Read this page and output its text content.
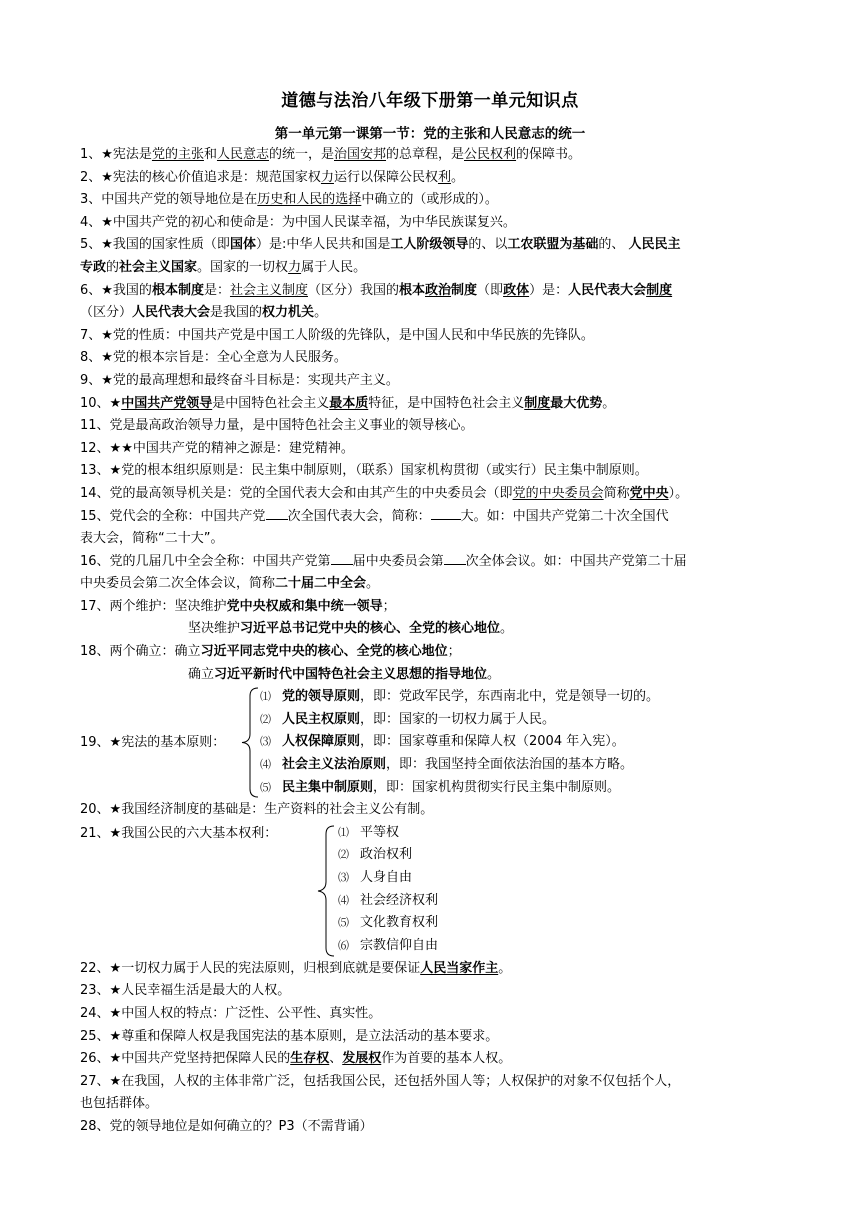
道德与法治八年级下册第一单元知识点
第一单元第一课第一节：党的主张和人民意志的统一
1、★宪法是党的主张和人民意志的统一，是治国安邦的总章程，是公民权利的保障书。
2、★宪法的核心价值追求是：规范国家权力运行以保障公民权利。
3、中国共产党的领导地位是在历史和人民的选择中确立的（或形成的）。
4、★中国共产党的初心和使命是：为中国人民谋幸福，为中华民族谋复兴。
5、★我国的国家性质（即国体）是:中华人民共和国是工人阶级领导的、以工农联盟为基础的、 人民民主
专政的社会主义国家。国家的一切权力属于人民。
6、★我国的根本制度是：社会主义制度（区分）我国的根本政治制度（即政体）是：人民代表大会制度
（区分）人民代表大会是我国的权力机关。
7、★党的性质：中国共产党是中国工人阶级的先锋队，是中国人民和中华民族的先锋队。
8、★党的根本宗旨是：全心全意为人民服务。
9、★党的最高理想和最终奋斗目标是：实现共产主义。
10、★中国共产党领导是中国特色社会主义最本质特征，是中国特色社会主义制度最大优势。
11、党是最高政治领导力量，是中国特色社会主义事业的领导核心。
12、★★中国共产党的精神之源是：建党精神。
13、★党的根本组织原则是：民主集中制原则，（联系）国家机构贯彻（或实行）民主集中制原则。
14、党的最高领导机关是：党的全国代表大会和由其产生的中央委员会（即党的中央委员会简称党中央）。
15、党代会的全称：中国共产党 次全国代表大会，简称： 大。如：中国共产党第二十次全国代
表大会，简称“二十大”。
16、党的几届几中全会全称：中国共产党第 届中央委员会第 次全体会议。如：中国共产党第二十届
中央委员会第二次全体会议，简称二十届二中全会。
17、两个维护：坚决维护党中央权威和集中统一领导；
坚决维护习近平总书记党中央的核心、全党的核心地位。
18、两个确立：确立习近平同志党中央的核心、全党的核心地位；
确立习近平新时代中国特色社会主义思想的指导地位。
19、★宪法的基本原则：
⑴ 党的领导原则，即：党政军民学，东西南北中，党是领导一切的。
⑵ 人民主权原则，即：国家的一切权力属于人民。
⑶ 人权保障原则，即：国家尊重和保障人权（2004 年入宪）。
⑷ 社会主义法治原则，即：我国坚持全面依法治国的基本方略。
⑸ 民主集中制原则，即：国家机构贯彻实行民主集中制原则。
20、★我国经济制度的基础是：生产资料的社会主义公有制。
21、★我国公民的六大基本权利：	⑴ 平等权
⑵ 政治权利
⑶ 人身自由
⑷ 社会经济权利
⑸ 文化教育权利
⑹ 宗教信仰自由
22、★一切权力属于人民的宪法原则，归根到底就是要保证人民当家作主。
23、★人民幸福生活是最大的人权。
24、★中国人权的特点：广泛性、公平性、真实性。
25、★尊重和保障人权是我国宪法的基本原则，是立法活动的基本要求。
26、★中国共产党坚持把保障人民的生存权、发展权作为首要的基本人权。
27、★在我国，人权的主体非常广泛，包括我国公民，还包括外国人等；人权保护的对象不仅包括个人，
也包括群体。
28、党的领导地位是如何确立的？P3（不需背诵）
